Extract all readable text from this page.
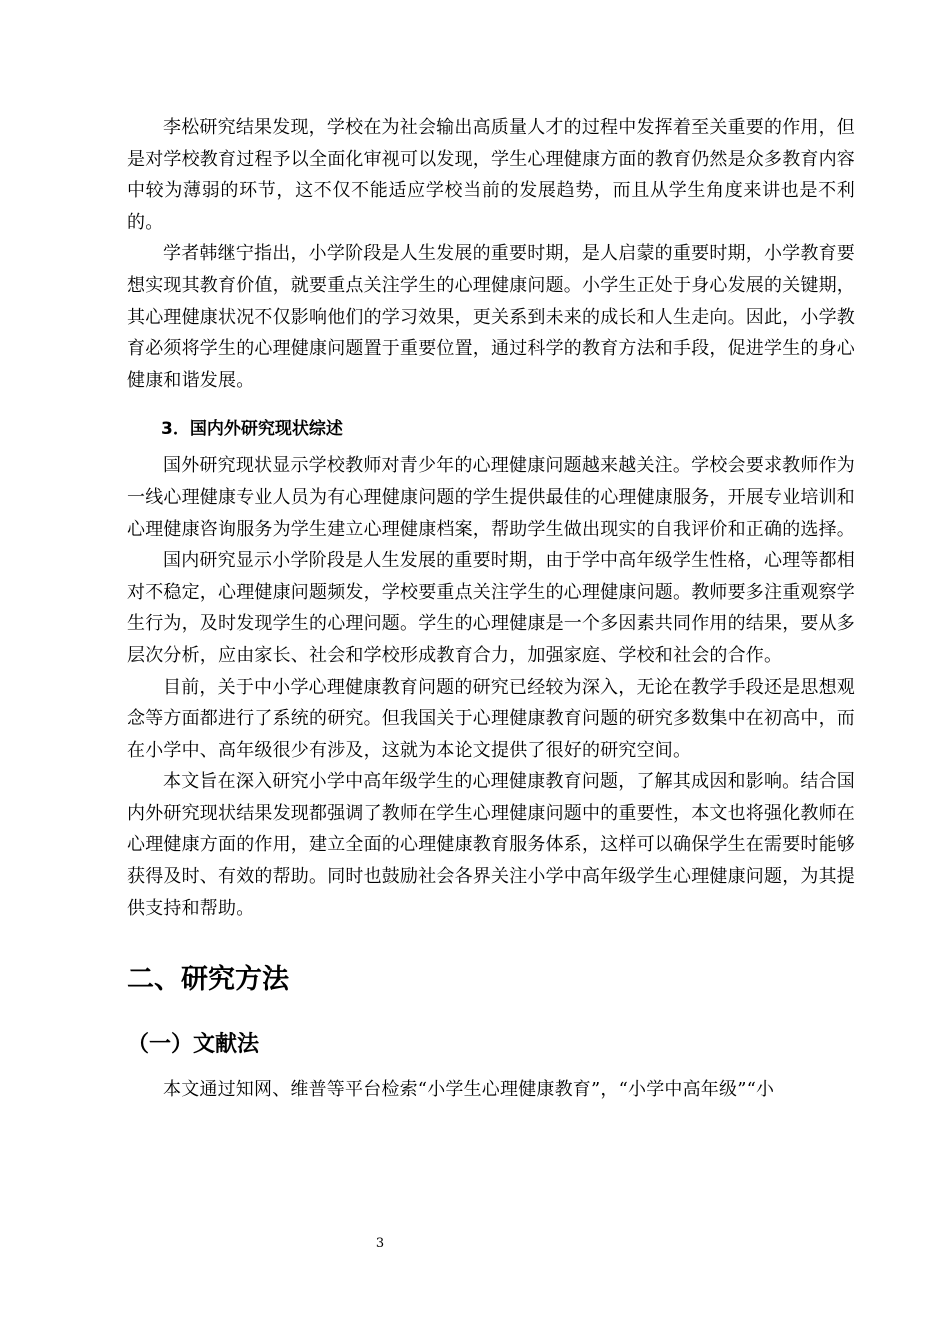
李松研究结果发现，学校在为社会输出高质量人才的过程中发挥着至关重要的作用，但是对学校教育过程予以全面化审视可以发现，学生心理健康方面的教育仍然是众多教育内容中较为薄弱的环节，这不仅不能适应学校当前的发展趋势，而且从学生角度来讲也是不利的。

学者韩继宁指出，小学阶段是人生发展的重要时期，是人启蒙的重要时期，小学教育要想实现其教育价值，就要重点关注学生的心理健康问题。小学生正处于身心发展的关键期，其心理健康状况不仅影响他们的学习效果，更关系到未来的成长和人生走向。因此，小学教育必须将学生的心理健康问题置于重要位置，通过科学的教育方法和手段，促进学生的身心健康和谐发展。

3．国内外研究现状综述

国外研究现状显示学校教师对青少年的心理健康问题越来越关注。学校会要求教师作为一线心理健康专业人员为有心理健康问题的学生提供最佳的心理健康服务，开展专业培训和心理健康咨询服务为学生建立心理健康档案，帮助学生做出现实的自我评价和正确的选择。

国内研究显示小学阶段是人生发展的重要时期，由于学中高年级学生性格，心理等都相对不稳定，心理健康问题频发，学校要重点关注学生的心理健康问题。教师要多注重观察学生行为，及时发现学生的心理问题。学生的心理健康是一个多因素共同作用的结果，要从多层次分析，应由家长、社会和学校形成教育合力，加强家庭、学校和社会的合作。

目前，关于中小学心理健康教育问题的研究已经较为深入，无论在教学手段还是思想观念等方面都进行了系统的研究。但我国关于心理健康教育问题的研究多数集中在初高中，而在小学中、高年级很少有涉及，这就为本论文提供了很好的研究空间。

本文旨在深入研究小学中高年级学生的心理健康教育问题，了解其成因和影响。结合国内外研究现状结果发现都强调了教师在学生心理健康问题中的重要性，本文也将强化教师在心理健康方面的作用，建立全面的心理健康教育服务体系，这样可以确保学生在需要时能够获得及时、有效的帮助。同时也鼓励社会各界关注小学中高年级学生心理健康问题，为其提供支持和帮助。

二、研究方法
（一）文献法

本文通过知网、维普等平台检索“小学生心理健康教育”，“小学中高年级”“小

3
